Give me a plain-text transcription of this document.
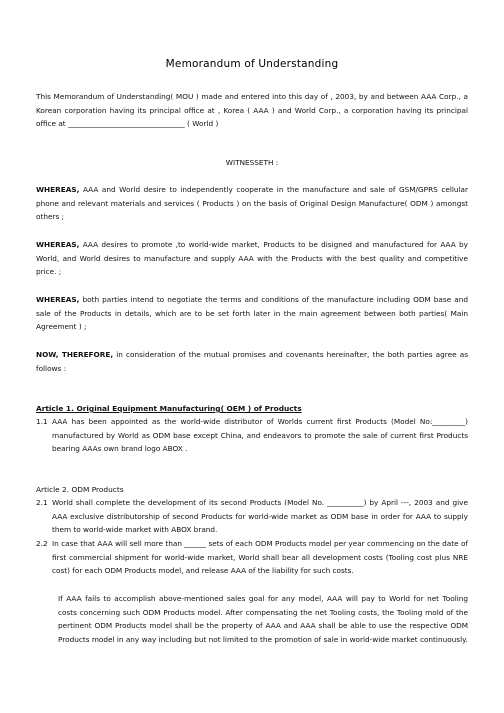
Memorandum of Understanding
This Memorandum of Understanding( MOU ) made and entered into this day of , 2003, by and between AAA Corp., a Korean corporation having its principal office at , Korea ( AAA ) and World Corp., a corporation having its principal office at ________________________________ ( World )
WITNESSETH :
WHEREAS, AAA and World desire to independently cooperate in the manufacture and sale of GSM/GPRS cellular phone and relevant materials and services ( Products ) on the basis of Original Design Manufacture( ODM ) amongst others ;
WHEREAS, AAA desires to promote ,to world-wide market, Products to be disigned and manufactured for AAA by World, and World desires to manufacture and supply AAA with the Products with the best quality and competitive price. ;
WHEREAS, both parties intend to negotiate the terms and conditions of the manufacture including ODM base and sale of the Products in details, which are to be set forth later in the main agreement between both parties( Main Agreement ) ;
NOW, THEREFORE, in consideration of the mutual promises and covenants hereinafter, the both parties agree as follows :
Article 1. Original Equipment Manufacturing( OEM ) of Products
1.1 AAA has been appointed as the world-wide distributor of Worlds current first Products (Model No:_________) manufactured by World as ODM base except China, and endeavors to promote the sale of current first Products bearing AAAs own brand logo ABOX .
Article 2. ODM Products
2.1 World shall complete the development of its second Products (Model No. __________) by April ---, 2003 and give AAA exclusive distributorship of second Products for world-wide market as ODM base in order for AAA to supply them to world-wide market with ABOX brand.
2.2 In case that AAA will sell more than ______ sets of each ODM Products model per year commencing on the date of first commercial shipment for world-wide market, World shall bear all development costs (Tooling cost plus NRE cost) for each ODM Products model, and release AAA of the liability for such costs.
If AAA fails to accomplish above-mentioned sales goal for any model, AAA will pay to World for net Tooling costs concerning such ODM Products model. After compensating the net Tooling costs, the Tooling mold of the pertinent ODM Products model shall be the property of AAA and AAA shall be able to use the respective ODM Products model in any way including but not limited to the promotion of sale in world-wide market continuously.
